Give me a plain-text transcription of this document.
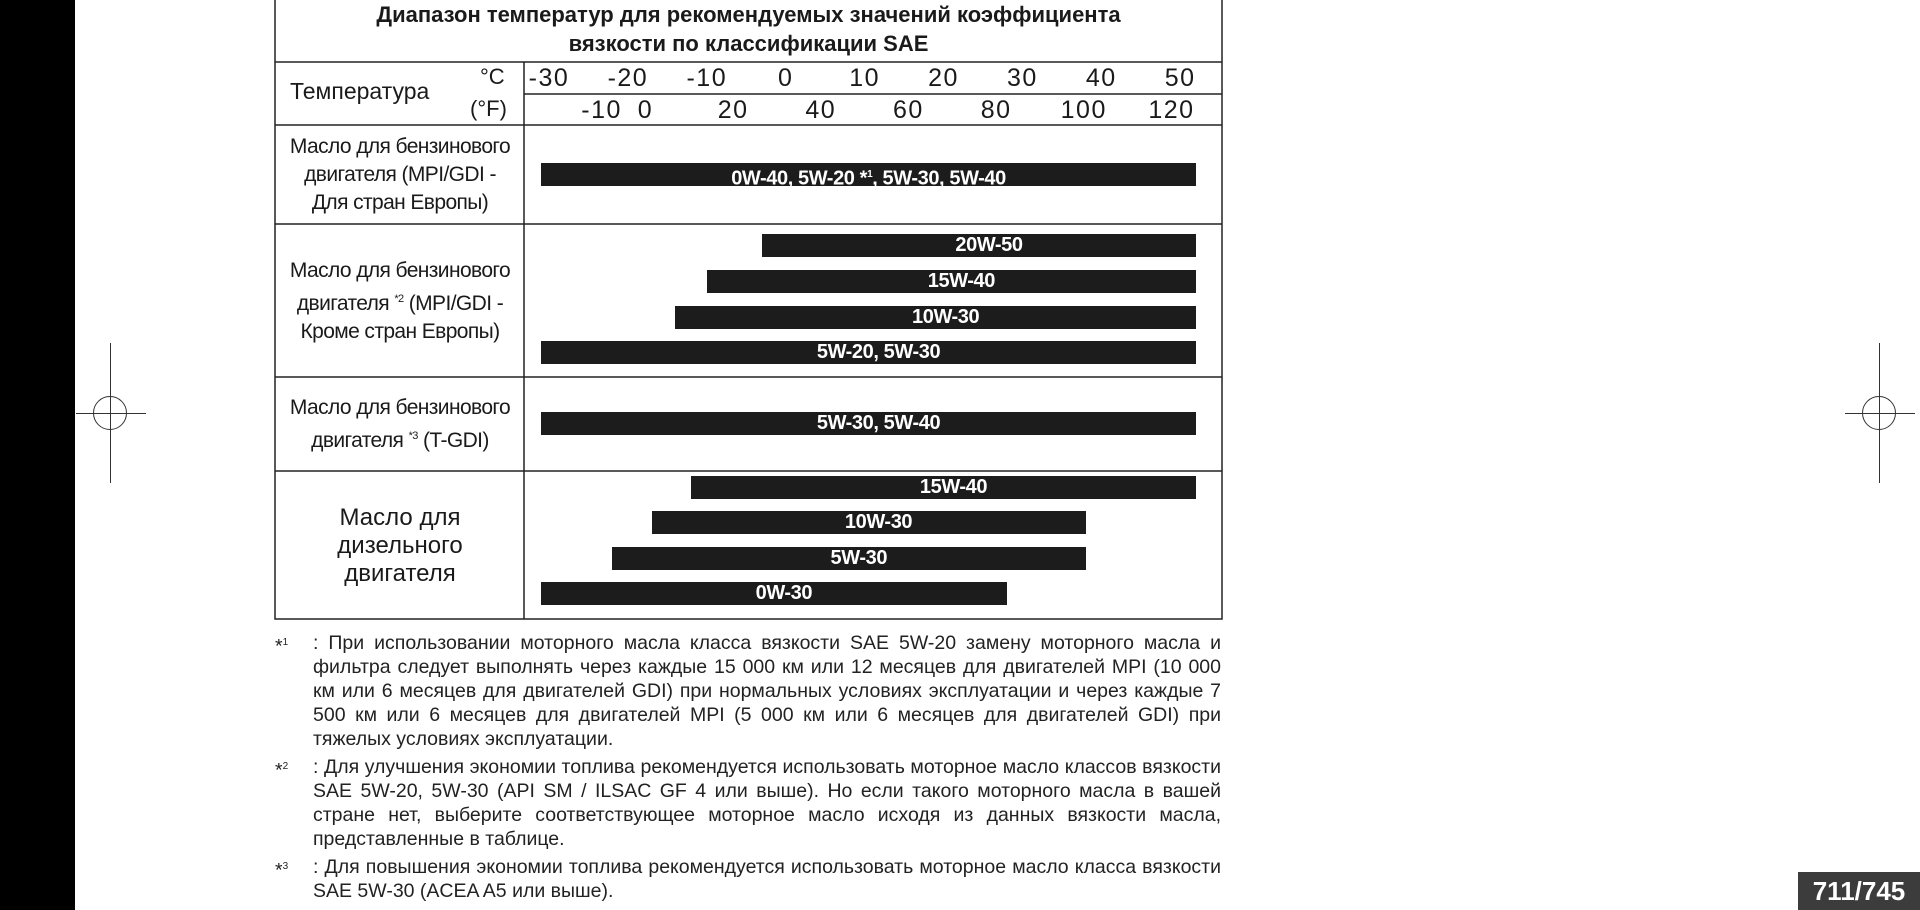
Диапазон температур для рекомендуемых значений коэффициента
вязкости по классификации SAE
Температура
°C
(°F)
-30 -20 -10 0 10 20 30 40 50
-10 0	20 40 60 80 100 120
Масло для бензинового
двигателя (MPI/GDI -
Для стран Европы)
Масло для бензинового
двигателя $^{*2}$ (MPI/GDI -
Кроме стран Европы)
Масло для бензинового
двигателя $^{*3}$ (T-GDI)
Масло для
дизельного
двигателя
0W-40, 5W-20 *$^1$, 5W-30, 5W-40
20W-50
15W-40
10W-30
5W-20, 5W-30
5W-30, 5W-40
15W-40
10W-30
5W-30
0W-30
*$^1$ : При использовании моторного масла класса вязкости SAE 5W-20 замену моторного масла и фильтра следует выполнять через каждые 15 000 км или 12 месяцев для двигателей MPI (10 000 км или 6 месяцев для двигателей GDI) при нормальных условиях эксплуатации и через каждые 7 500 км или 6 месяцев для двигателей MPI (5 000 км или 6 месяцев для двигателей GDI) при тяжелых условиях эксплуатации.
*$^2$ : Для улучшения экономии топлива рекомендуется использовать моторное масло классов вязкости SAE 5W-20, 5W-30 (API SM / ILSAC GF 4 или выше). Но если такого моторного масла в вашей стране нет, выберите соответствующее моторное масло исходя из данных вязкости масла, представленные в таблице.
*$^3$ : Для повышения экономии топлива рекомендуется использовать моторное масло класса вязкости SAE 5W-30 (ACEA A5 или выше).	711/745
